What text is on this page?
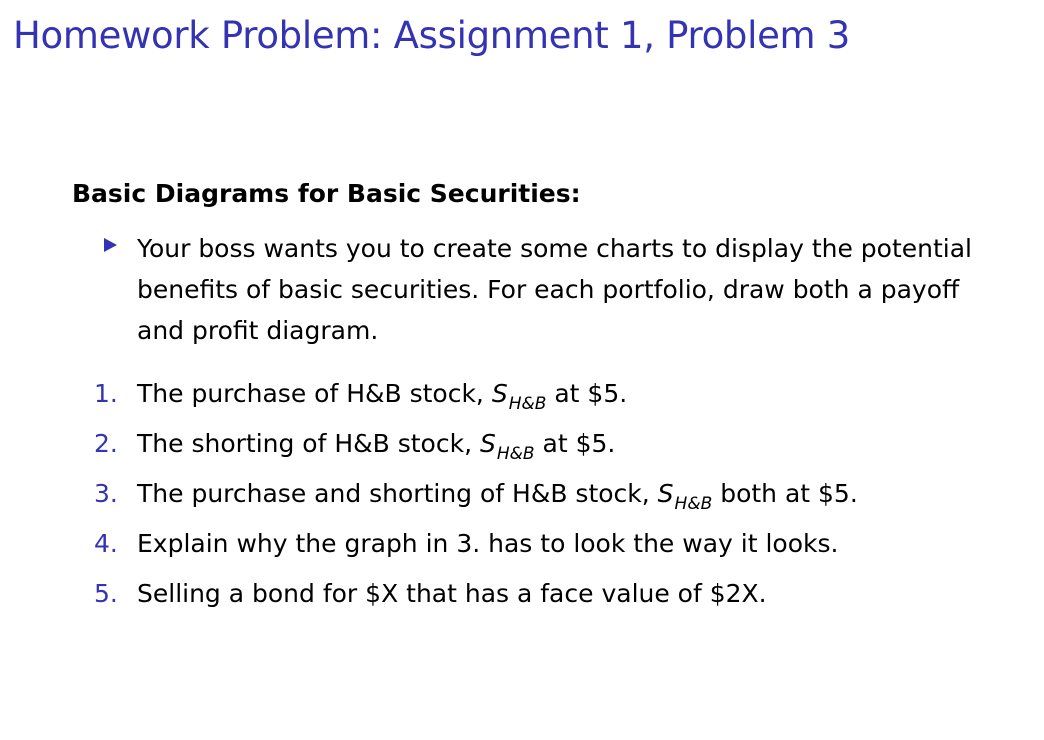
Homework Problem: Assignment 1, Problem 3
Basic Diagrams for Basic Securities:
Your boss wants you to create some charts to display the potential benefits of basic securities. For each portfolio, draw both a payoff and profit diagram.
1. The purchase of H&B stock, $S_{H\&B}$ at $5.
2. The shorting of H&B stock, $S_{H\&B}$ at $5.
3. The purchase and shorting of H&B stock, $S_{H\&B}$ both at $5.
4. Explain why the graph in 3. has to look the way it looks.
5. Selling a bond for $X that has a face value of $2X.
